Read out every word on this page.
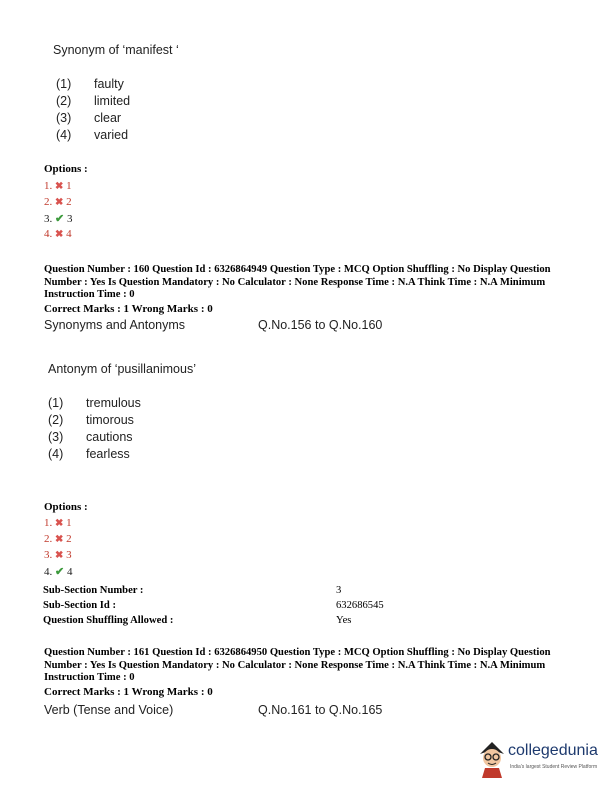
Synonym of ‘manifest ‘
(1) faulty
(2) limited
(3) clear
(4) varied
Options :
1. ✖ 1
2. ✖ 2
3. ✔ 3
4. ✖ 4
Question Number : 160 Question Id : 6326864949 Question Type : MCQ Option Shuffling : No Display Question Number : Yes Is Question Mandatory : No Calculator : None Response Time : N.A Think Time : N.A Minimum Instruction Time : 0
Correct Marks : 1 Wrong Marks : 0
Synonyms and Antonyms	Q.No.156 to Q.No.160
Antonym of ‘pusillanimous’
(1) tremulous
(2) timorous
(3) cautions
(4) fearless
Options :
1. ✖ 1
2. ✖ 2
3. ✖ 3
4. ✔ 4
Sub-Section Number :	3
Sub-Section Id :	632686545
Question Shuffling Allowed :	Yes
Question Number : 161 Question Id : 6326864950 Question Type : MCQ Option Shuffling : No Display Question Number : Yes Is Question Mandatory : No Calculator : None Response Time : N.A Think Time : N.A Minimum Instruction Time : 0
Correct Marks : 1 Wrong Marks : 0
Verb (Tense and Voice)	Q.No.161 to Q.No.165
collegedunia
India's largest Student Review Platform
